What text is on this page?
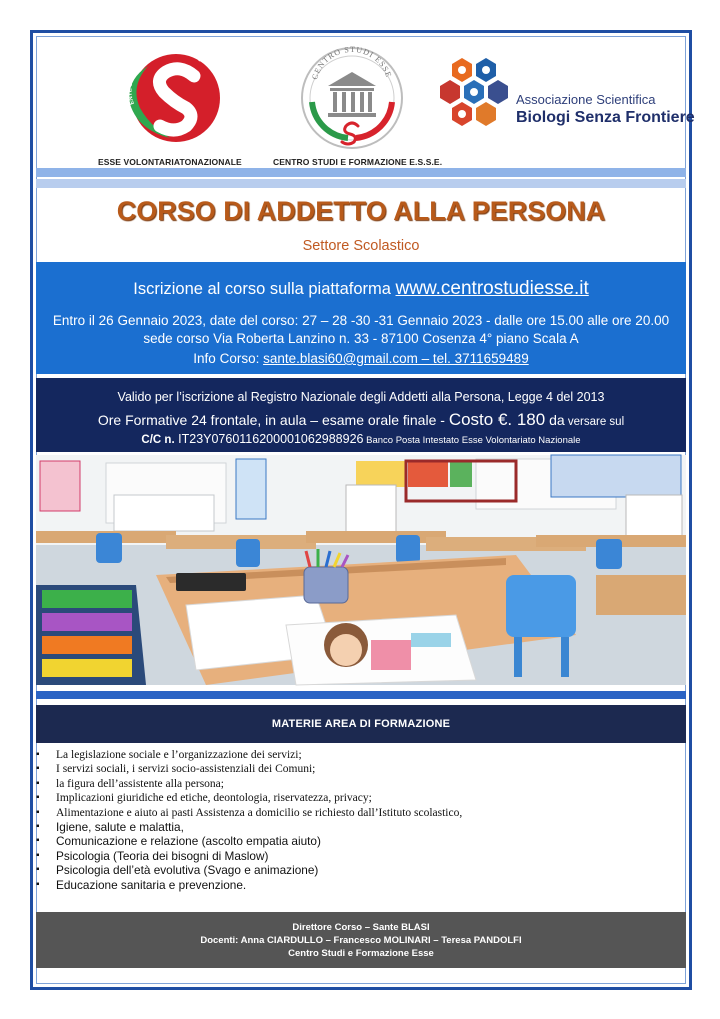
ENTE SPORTIVO SOCIALE EUROPEO
ESSE VOLONTARIATONAZIONALE
CENTRO STUDI ESSE
CENTRO STUDI E FORMAZIONE E.S.S.E.
Associazione Scientifica
Biologi Senza Frontiere
CORSO DI ADDETTO ALLA PERSONA
Settore Scolastico
Iscrizione al corso sulla piattaforma www.centrostudiesse.it
Entro il 26 Gennaio 2023, date del corso: 27 – 28 -30 -31 Gennaio 2023 - dalle ore 15.00 alle ore 20.00
sede corso Via Roberta Lanzino n. 33 - 87100 Cosenza 4° piano Scala A
Info Corso: sante.blasi60@gmail.com – tel. 3711659489
Valido per l’iscrizione al Registro Nazionale degli Addetti alla Persona, Legge 4 del 2013
Ore Formative 24 frontale, in aula – esame orale finale - Costo €. 180 da versare sul
C/C n. IT23Y0760116200001062988926 Banco Posta Intestato Esse Volontariato Nazionale
MATERIE AREA DI FORMAZIONE
▪ La legislazione sociale e l’organizzazione dei servizi;
▪ I servizi sociali, i servizi socio-assistenziali dei Comuni;
▪ la figura dell’assistente alla persona;
▪ Implicazioni giuridiche ed etiche, deontologia, riservatezza, privacy;
▪ Alimentazione e aiuto ai pasti Assistenza a domicilio se richiesto dall’Istituto scolastico,
▪ Igiene, salute e malattia,
▪ Comunicazione e relazione (ascolto empatia aiuto)
▪ Psicologia (Teoria dei bisogni di Maslow)
▪ Psicologia dell’età evolutiva (Svago e animazione)
▪ Educazione sanitaria e prevenzione.
Direttore Corso – Sante BLASI
Docenti: Anna CIARDULLO – Francesco MOLINARI – Teresa PANDOLFI
Centro Studi e Formazione Esse
